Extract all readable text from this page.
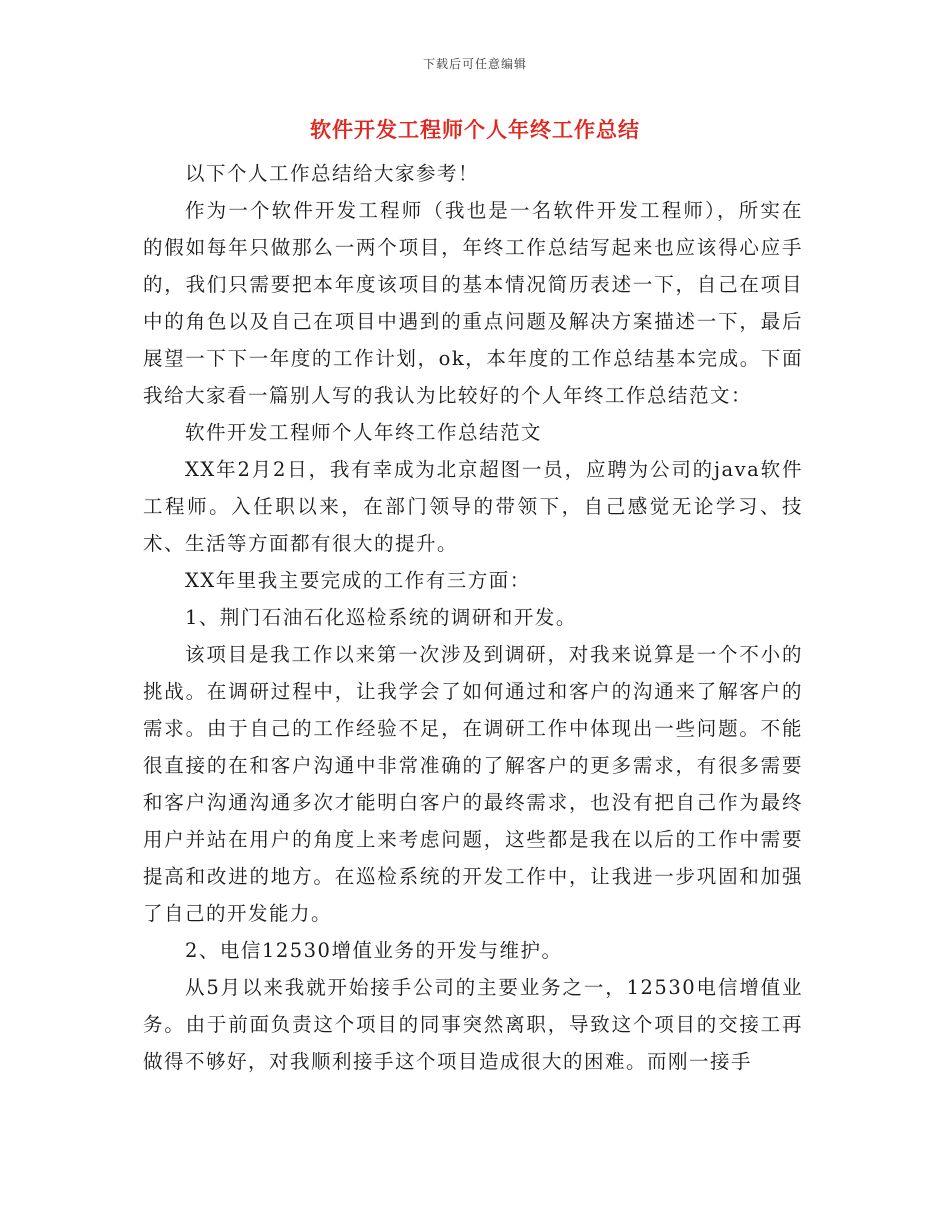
下载后可任意编辑
软件开发工程师个人年终工作总结

以下个人工作总结给大家参考！

作为一个软件开发工程师（我也是一名软件开发工程师），所实在的假如每年只做那么一两个项目，年终工作总结写起来也应该得心应手的，我们只需要把本年度该项目的基本情况简历表述一下，自己在项目中的角色以及自己在项目中遇到的重点问题及解决方案描述一下，最后展望一下下一年度的工作计划，ok，本年度的工作总结基本完成。下面我给大家看一篇别人写的我认为比较好的个人年终工作总结范文：

软件开发工程师个人年终工作总结范文

XX年2月2日，我有幸成为北京超图一员，应聘为公司的java软件工程师。入任职以来，在部门领导的带领下，自己感觉无论学习、技术、生活等方面都有很大的提升。

XX年里我主要完成的工作有三方面：

1、荆门石油石化巡检系统的调研和开发。

该项目是我工作以来第一次涉及到调研，对我来说算是一个不小的挑战。在调研过程中，让我学会了如何通过和客户的沟通来了解客户的需求。由于自己的工作经验不足，在调研工作中体现出一些问题。不能很直接的在和客户沟通中非常准确的了解客户的更多需求，有很多需要和客户沟通沟通多次才能明白客户的最终需求，也没有把自己作为最终用户并站在用户的角度上来考虑问题，这些都是我在以后的工作中需要提高和改进的地方。在巡检系统的开发工作中，让我进一步巩固和加强了自己的开发能力。

2、电信12530增值业务的开发与维护。

从5月以来我就开始接手公司的主要业务之一，12530电信增值业务。由于前面负责这个项目的同事突然离职，导致这个项目的交接工再做得不够好，对我顺利接手这个项目造成很大的困难。而刚一接手
